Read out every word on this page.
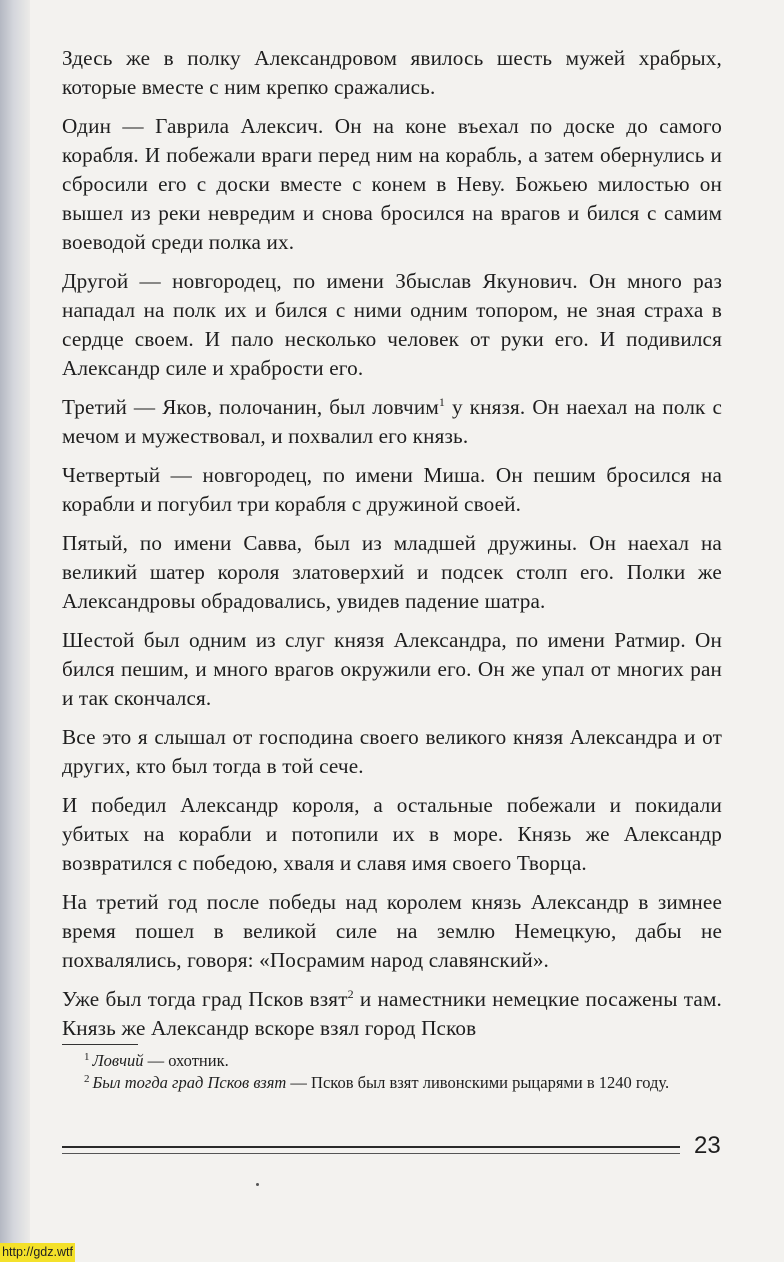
Здесь же в полку Александровом явилось шесть мужей храбрых, которые вместе с ним крепко сражались.

Один — Гаврила Алексич. Он на коне въехал по доске до самого корабля. И побежали враги перед ним на корабль, а затем обернулись и сбросили его с доски вместе с конем в Неву. Божьею милостью он вышел из реки невредим и снова бросился на врагов и бился с самим воеводой среди полка их.

Другой — новгородец, по имени Збыслав Якунович. Он много раз нападал на полк их и бился с ними одним топором, не зная страха в сердце своем. И пало несколько человек от руки его. И подивился Александр силе и храбрости его.

Третий — Яков, полочанин, был ловчим$^1$ у князя. Он наехал на полк с мечом и мужествовал, и похвалил его князь.

Четвертый — новгородец, по имени Миша. Он пешим бросился на корабли и погубил три корабля с дружиной своей.

Пятый, по имени Савва, был из младшей дружины. Он наехал на великий шатер короля златоверхий и подсек столп его. Полки же Александровы обрадовались, увидев падение шатра.

Шестой был одним из слуг князя Александра, по имени Ратмир. Он бился пешим, и много врагов окружили его. Он же упал от многих ран и так скончался.

Все это я слышал от господина своего великого князя Александра и от других, кто был тогда в той сече.

И победил Александр короля, а остальные побежали и покидали убитых на корабли и потопили их в море. Князь же Александр возвратился с победою, хваля и славя имя своего Творца.

На третий год после победы над королем князь Александр в зимнее время пошел в великой силе на землю Немецкую, дабы не похвалялись, говоря: «Посрамим народ славянский».

Уже был тогда град Псков взят$^2$ и наместники немецкие посажены там. Князь же Александр вскоре взял город Псков

$^1$ Ловчий — охотник.

$^2$ Был тогда град Псков взят — Псков был взят ливонскими рыцарями в 1240 году.

23
http://gdz.wtf
